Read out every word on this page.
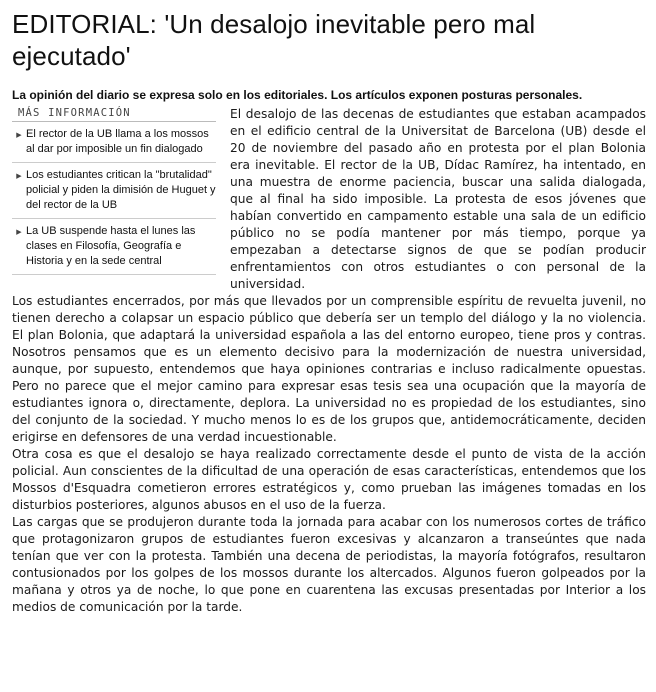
EDITORIAL: 'Un desalojo inevitable pero mal ejecutado'
La opinión del diario se expresa solo en los editoriales. Los artículos exponen posturas personales.
MÁS INFORMACIÓN
▶ El rector de la UB llama a los mossos al dar por imposible un fin dialogado
▶ Los estudiantes critican la "brutalidad" policial y piden la dimisión de Huguet y del rector de la UB
▶ La UB suspende hasta el lunes las clases en Filosofía, Geografía e Historia y en la sede central

El desalojo de las decenas de estudiantes que estaban acampados en el edificio central de la Universitat de Barcelona (UB) desde el 20 de noviembre del pasado año en protesta por el plan Bolonia era inevitable. El rector de la UB, Dídac Ramírez, ha intentado, en una muestra de enorme paciencia, buscar una salida dialogada, que al final ha sido imposible. La protesta de esos jóvenes que habían convertido en campamento estable una sala de un edificio público no se podía mantener por más tiempo, porque ya empezaban a detectarse signos de que se podían producir enfrentamientos con otros estudiantes o con personal de la universidad.

Los estudiantes encerrados, por más que llevados por un comprensible espíritu de revuelta juvenil, no tienen derecho a colapsar un espacio público que debería ser un templo del diálogo y la no violencia. El plan Bolonia, que adaptará la universidad española a las del entorno europeo, tiene pros y contras. Nosotros pensamos que es un elemento decisivo para la modernización de nuestra universidad, aunque, por supuesto, entendemos que haya opiniones contrarias e incluso radicalmente opuestas. Pero no parece que el mejor camino para expresar esas tesis sea una ocupación que la mayoría de estudiantes ignora o, directamente, deplora. La universidad no es propiedad de los estudiantes, sino del conjunto de la sociedad. Y mucho menos lo es de los grupos que, antidemocráticamente, deciden erigirse en defensores de una verdad incuestionable.

Otra cosa es que el desalojo se haya realizado correctamente desde el punto de vista de la acción policial. Aun conscientes de la dificultad de una operación de esas características, entendemos que los Mossos d'Esquadra cometieron errores estratégicos y, como prueban las imágenes tomadas en los disturbios posteriores, algunos abusos en el uso de la fuerza.

Las cargas que se produjeron durante toda la jornada para acabar con los numerosos cortes de tráfico que protagonizaron grupos de estudiantes fueron excesivas y alcanzaron a transeúntes que nada tenían que ver con la protesta. También una decena de periodistas, la mayoría fotógrafos, resultaron contusionados por los golpes de los mossos durante los altercados. Algunos fueron golpeados por la mañana y otros ya de noche, lo que pone en cuarentena las excusas presentadas por Interior a los medios de comunicación por la tarde.
